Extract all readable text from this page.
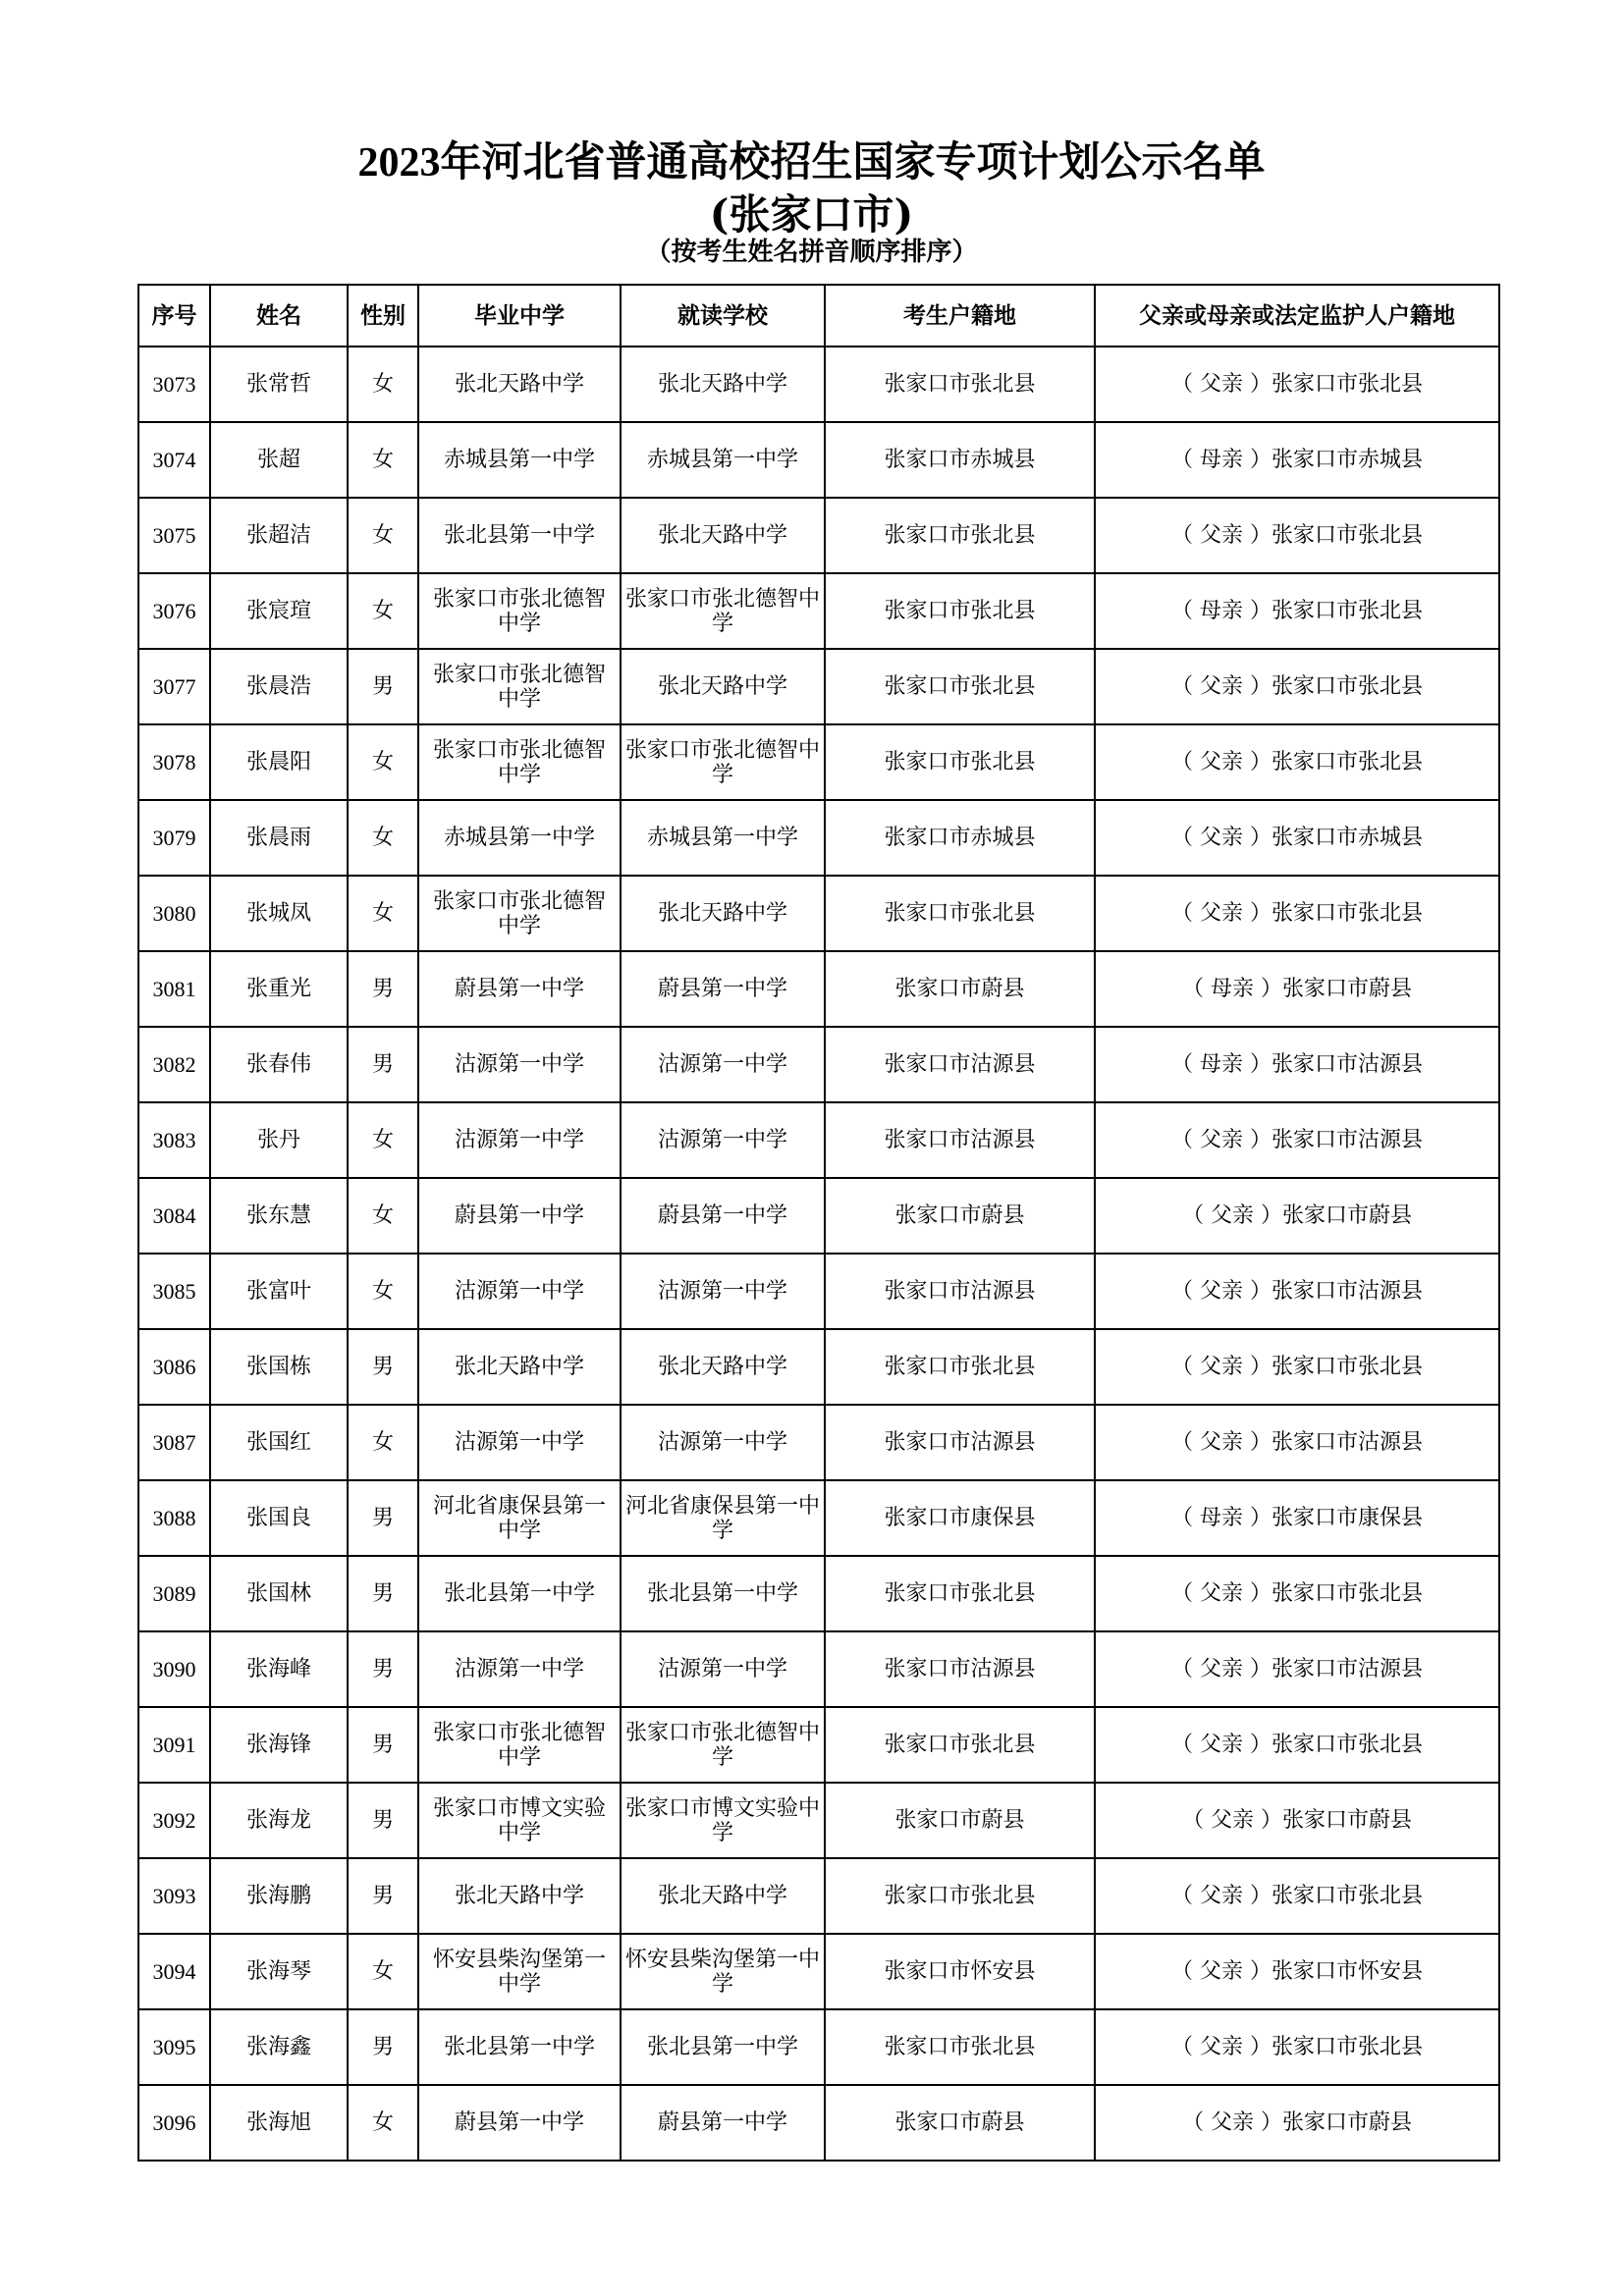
2023年河北省普通高校招生国家专项计划公示名单
(张家口市)
（按考生姓名拼音顺序排序）
序号	姓名	性别	毕业中学	就读学校	考生户籍地	父亲或母亲或法定监护人户籍地
3073	张常哲	女	张北天路中学	张北天路中学	张家口市张北县	（ 父亲 ）张家口市张北县
3074	张超	女	赤城县第一中学	赤城县第一中学	张家口市赤城县	（ 母亲 ）张家口市赤城县
3075	张超洁	女	张北县第一中学	张北天路中学	张家口市张北县	（ 父亲 ）张家口市张北县
3076	张宸瑄	女	张家口市张北德智中学	张家口市张北德智中学	张家口市张北县	（ 母亲 ）张家口市张北县
3077	张晨浩	男	张家口市张北德智中学	张北天路中学	张家口市张北县	（ 父亲 ）张家口市张北县
3078	张晨阳	女	张家口市张北德智中学	张家口市张北德智中学	张家口市张北县	（ 父亲 ）张家口市张北县
3079	张晨雨	女	赤城县第一中学	赤城县第一中学	张家口市赤城县	（ 父亲 ）张家口市赤城县
3080	张城凤	女	张家口市张北德智中学	张北天路中学	张家口市张北县	（ 父亲 ）张家口市张北县
3081	张重光	男	蔚县第一中学	蔚县第一中学	张家口市蔚县	（ 母亲 ）张家口市蔚县
3082	张春伟	男	沽源第一中学	沽源第一中学	张家口市沽源县	（ 母亲 ）张家口市沽源县
3083	张丹	女	沽源第一中学	沽源第一中学	张家口市沽源县	（ 父亲 ）张家口市沽源县
3084	张东慧	女	蔚县第一中学	蔚县第一中学	张家口市蔚县	（ 父亲 ）张家口市蔚县
3085	张富叶	女	沽源第一中学	沽源第一中学	张家口市沽源县	（ 父亲 ）张家口市沽源县
3086	张国栋	男	张北天路中学	张北天路中学	张家口市张北县	（ 父亲 ）张家口市张北县
3087	张国红	女	沽源第一中学	沽源第一中学	张家口市沽源县	（ 父亲 ）张家口市沽源县
3088	张国良	男	河北省康保县第一中学	河北省康保县第一中学	张家口市康保县	（ 母亲 ）张家口市康保县
3089	张国林	男	张北县第一中学	张北县第一中学	张家口市张北县	（ 父亲 ）张家口市张北县
3090	张海峰	男	沽源第一中学	沽源第一中学	张家口市沽源县	（ 父亲 ）张家口市沽源县
3091	张海锋	男	张家口市张北德智中学	张家口市张北德智中学	张家口市张北县	（ 父亲 ）张家口市张北县
3092	张海龙	男	张家口市博文实验中学	张家口市博文实验中学	张家口市蔚县	（ 父亲 ）张家口市蔚县
3093	张海鹏	男	张北天路中学	张北天路中学	张家口市张北县	（ 父亲 ）张家口市张北县
3094	张海琴	女	怀安县柴沟堡第一中学	怀安县柴沟堡第一中学	张家口市怀安县	（ 父亲 ）张家口市怀安县
3095	张海鑫	男	张北县第一中学	张北县第一中学	张家口市张北县	（ 父亲 ）张家口市张北县
3096	张海旭	女	蔚县第一中学	蔚县第一中学	张家口市蔚县	（ 父亲 ）张家口市蔚县
